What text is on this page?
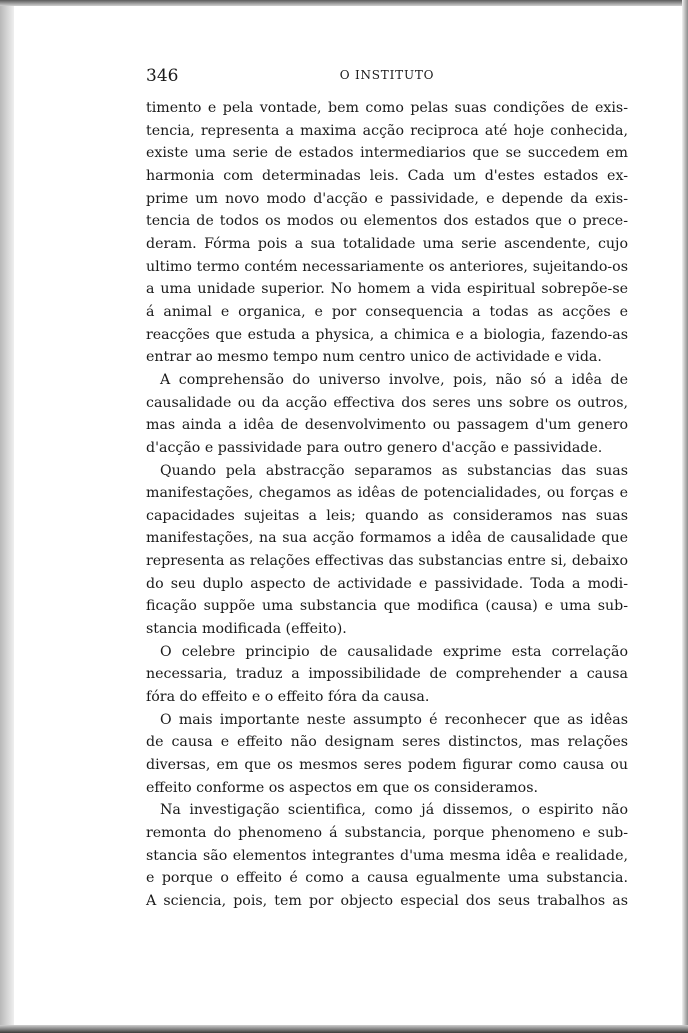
346	O INSTITUTO
timento e pela vontade, bem como pelas suas condições de exis-
tencia, representa a maxima acção reciproca até hoje conhecida,
existe uma serie de estados intermediarios que se succedem em
harmonia com determinadas leis. Cada um d'estes estados ex-
prime um novo modo d'acção e passividade, e depende da exis-
tencia de todos os modos ou elementos dos estados que o prece-
deram. Fórma pois a sua totalidade uma serie ascendente, cujo
ultimo termo contém necessariamente os anteriores, sujeitando-os
a uma unidade superior. No homem a vida espiritual sobrepõe-se
á animal e organica, e por consequencia a todas as acções e
reacções que estuda a physica, a chimica e a biologia, fazendo-as
entrar ao mesmo tempo num centro unico de actividade e vida.
A comprehensão do universo involve, pois, não só a idêa de
causalidade ou da acção effectiva dos seres uns sobre os outros,
mas ainda a idêa de desenvolvimento ou passagem d'um genero
d'acção e passividade para outro genero d'acção e passividade.
Quando pela abstracção separamos as substancias das suas
manifestações, chegamos as idêas de potencialidades, ou forças e
capacidades sujeitas a leis; quando as consideramos nas suas
manifestações, na sua acção formamos a idêa de causalidade que
representa as relações effectivas das substancias entre si, debaixo
do seu duplo aspecto de actividade e passividade. Toda a modi-
ficação suppõe uma substancia que modifica (causa) e uma sub-
stancia modificada (effeito).
O celebre principio de causalidade exprime esta correlação
necessaria, traduz a impossibilidade de comprehender a causa
fóra do effeito e o effeito fóra da causa.
O mais importante neste assumpto é reconhecer que as idêas
de causa e effeito não designam seres distinctos, mas relações
diversas, em que os mesmos seres podem figurar como causa ou
effeito conforme os aspectos em que os consideramos.
Na investigação scientifica, como já dissemos, o espirito não
remonta do phenomeno á substancia, porque phenomeno e sub-
stancia são elementos integrantes d'uma mesma idêa e realidade,
e porque o effeito é como a causa egualmente uma substancia.
A sciencia, pois, tem por objecto especial dos seus trabalhos as
